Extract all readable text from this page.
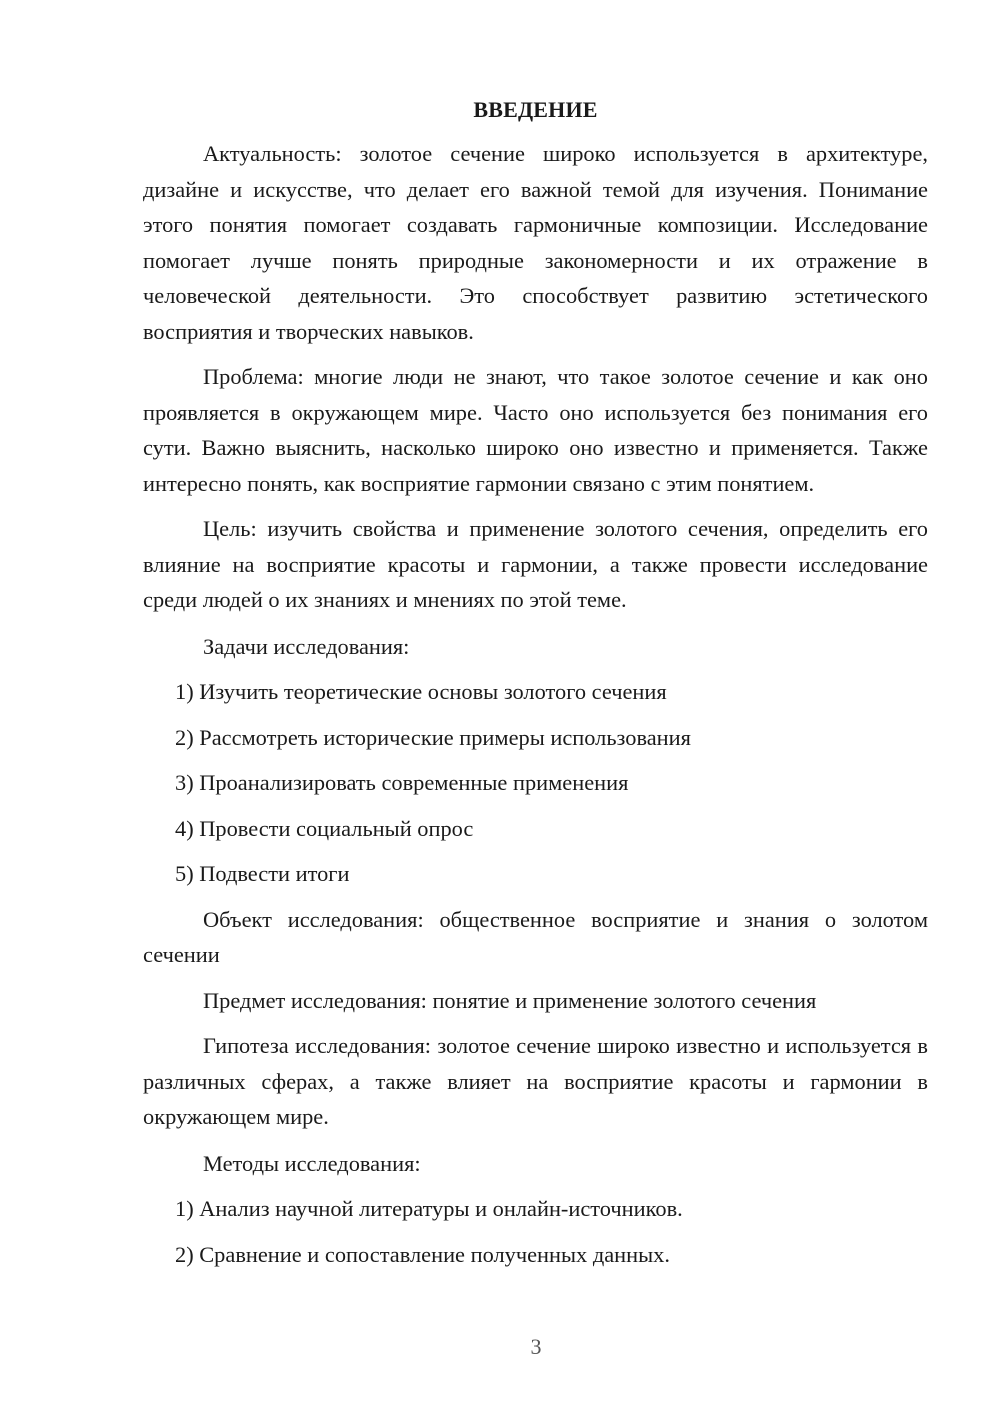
ВВЕДЕНИЕ

Актуальность: золотое сечение широко используется в архитектуре, дизайне и искусстве, что делает его важной темой для изучения. Понимание этого понятия помогает создавать гармоничные композиции. Исследование помогает лучше понять природные закономерности и их отражение в человеческой деятельности. Это способствует развитию эстетического восприятия и творческих навыков.

Проблема: многие люди не знают, что такое золотое сечение и как оно проявляется в окружающем мире. Часто оно используется без понимания его сути. Важно выяснить, насколько широко оно известно и применяется. Также интересно понять, как восприятие гармонии связано с этим понятием.

Цель: изучить свойства и применение золотого сечения, определить его влияние на восприятие красоты и гармонии, а также провести исследование среди людей о их знаниях и мнениях по этой теме.

Задачи исследования:

1) Изучить теоретические основы золотого сечения
2) Рассмотреть исторические примеры использования
3) Проанализировать современные применения
4) Провести социальный опрос
5) Подвести итоги

Объект исследования: общественное восприятие и знания о золотом сечении

Предмет исследования: понятие и применение золотого сечения

Гипотеза исследования: золотое сечение широко известно и используется в различных сферах, а также влияет на восприятие красоты и гармонии в окружающем мире.

Методы исследования:

1) Анализ научной литературы и онлайн-источников.
2) Сравнение и сопоставление полученных данных.
3
